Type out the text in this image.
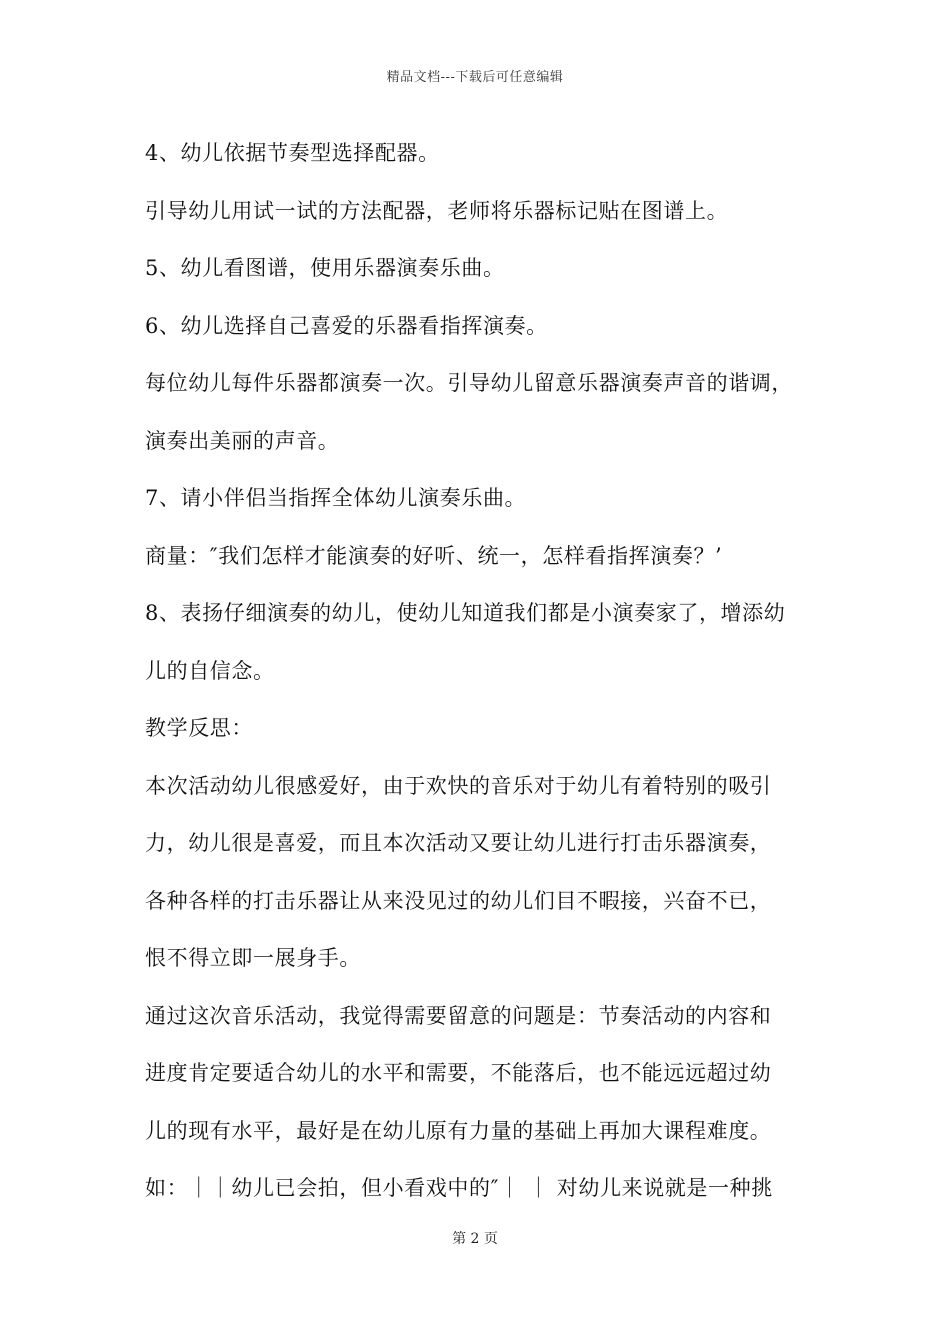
精品文档---下载后可任意编辑
4、幼儿依据节奏型选择配器。
引导幼儿用试一试的方法配器，老师将乐器标记贴在图谱上。
5、幼儿看图谱，使用乐器演奏乐曲。
6、幼儿选择自己喜爱的乐器看指挥演奏。
每位幼儿每件乐器都演奏一次。引导幼儿留意乐器演奏声音的谐调，
演奏出美丽的声音。
7、请小伴侣当指挥全体幼儿演奏乐曲。
商量：″我们怎样才能演奏的好听、统一，怎样看指挥演奏？’
8、表扬仔细演奏的幼儿，使幼儿知道我们都是小演奏家了，增添幼
儿的自信念。
教学反思：
本次活动幼儿很感爱好，由于欢快的音乐对于幼儿有着特别的吸引
力，幼儿很是喜爱，而且本次活动又要让幼儿进行打击乐器演奏，
各种各样的打击乐器让从来没见过的幼儿们目不暇接，兴奋不已，
恨不得立即一展身手。
通过这次音乐活动，我觉得需要留意的问题是：节奏活动的内容和
进度肯定要适合幼儿的水平和需要，不能落后，也不能远远超过幼
儿的现有水平，最好是在幼儿原有力量的基础上再加大课程难度。
如：｜｜幼儿已会拍，但小看戏中的″｜ ｜ 对幼儿来说就是一种挑
第 2 页
